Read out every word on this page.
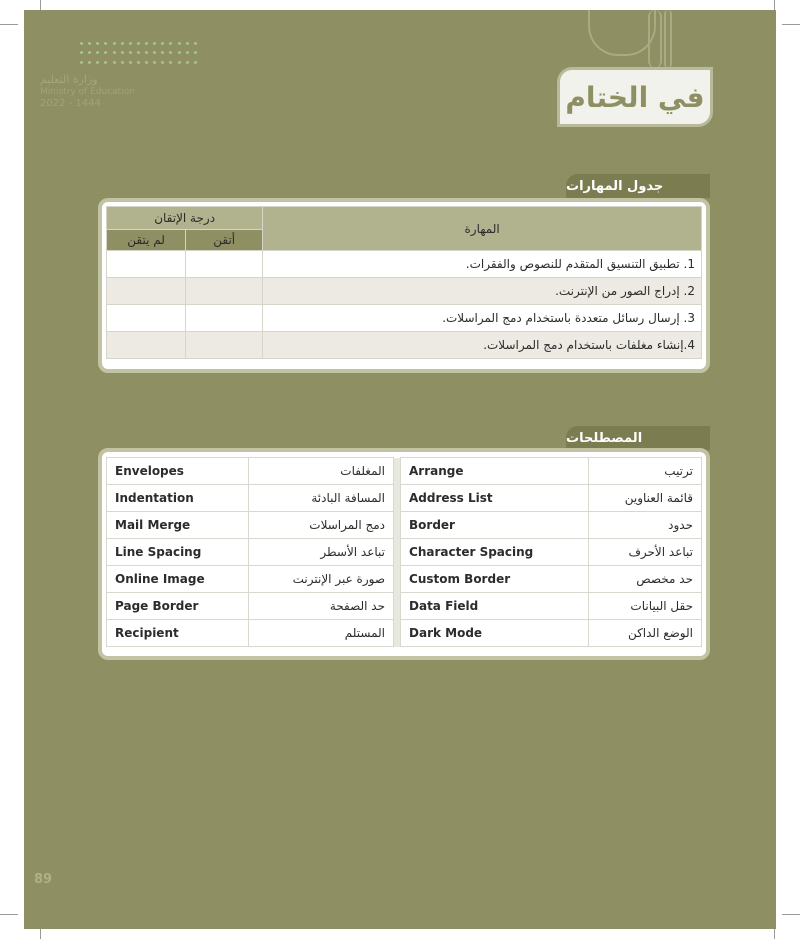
وزارة التعليم
Ministry of Education
2022 - 1444	في الختام
جدول المهارات
درجة الإتقان		المهارة
لم يتقن	أتقن	
		1. تطبيق التنسيق المتقدم للنصوص والفقرات.
		2. إدراج الصور من الإنترنت.
		3. إرسال رسائل متعددة باستخدام دمج المراسلات.
		4.إنشاء مغلفات باستخدام دمج المراسلات.
المصطلحات
Envelopes	المغلفات		Arrange	ترتيب
Indentation	المسافة البادئة		Address List	قائمة العناوين
Mail Merge	دمج المراسلات		Border	حدود
Line Spacing	تباعد الأسطر		Character Spacing	تباعد الأحرف
Online Image	صورة عبر الإنترنت		Custom Border	حد مخصص
Page Border	حد الصفحة		Data Field	حقل البيانات
Recipient	المستلم		Dark Mode	الوضع الداكن
89
